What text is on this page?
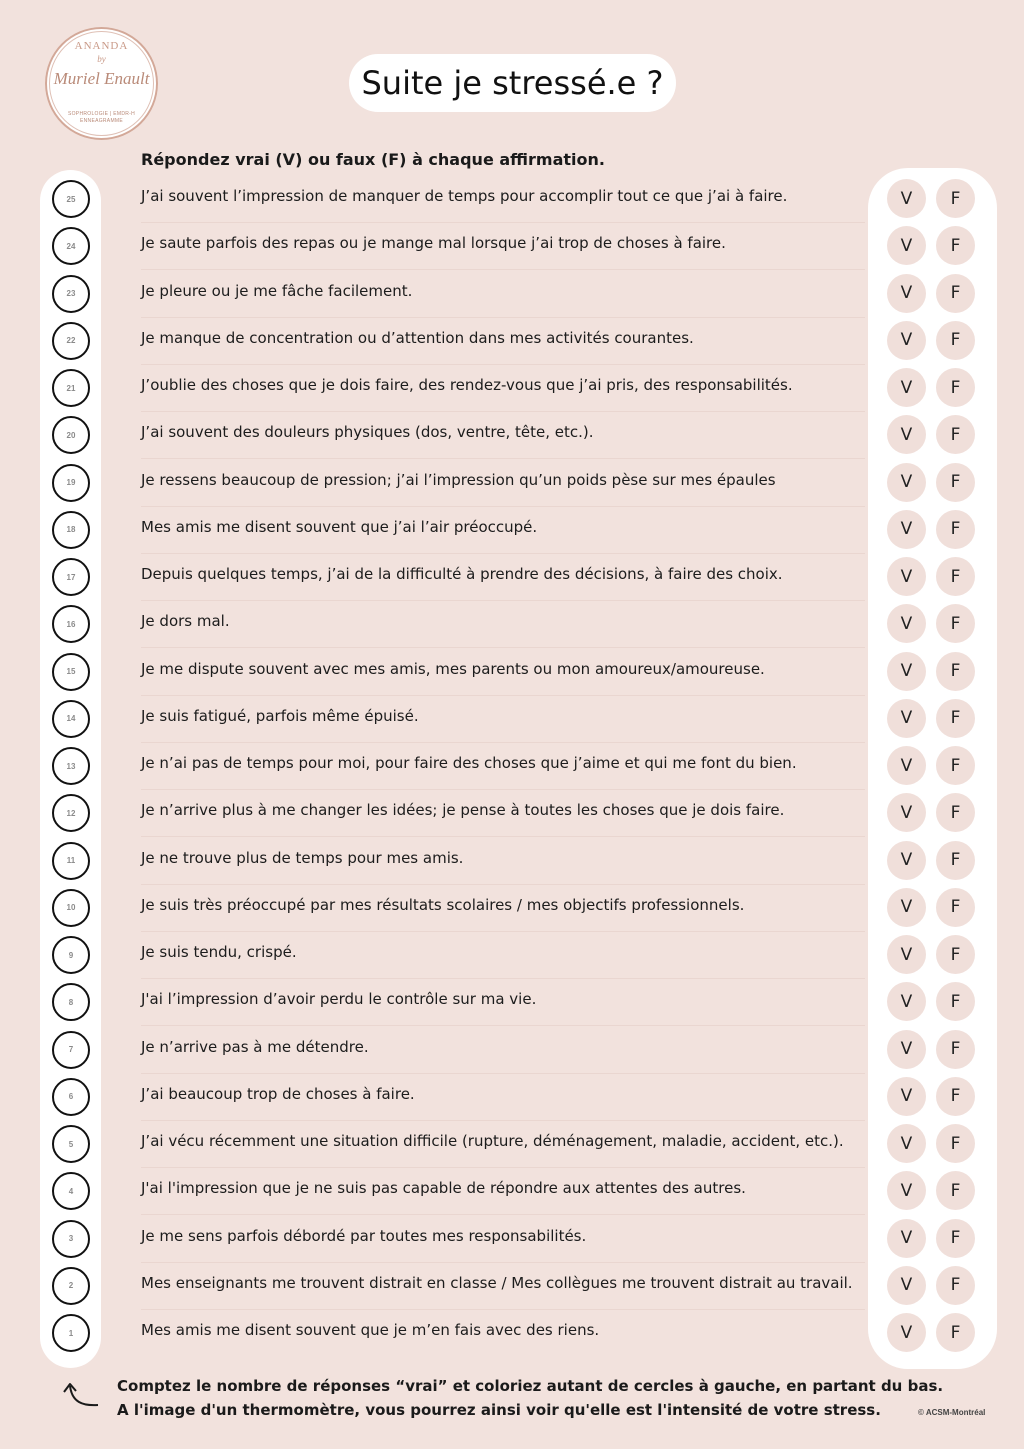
ANANDA
by
Muriel Enault
SOPHROLOGIE | EMDR-H
ENNEAGRAMME
Suite je stressé.e ?
Répondez vrai (V) ou faux (F) à chaque affirmation.
25	J’ai souvent l’impression de manquer de temps pour accomplir tout ce que j’ai à faire.	V	F
24	Je saute parfois des repas ou je mange mal lorsque j’ai trop de choses à faire.	V	F
23	Je pleure ou je me fâche facilement.	V	F
22	Je manque de concentration ou d’attention dans mes activités courantes.	V	F
21	J’oublie des choses que je dois faire, des rendez-vous que j’ai pris, des responsabilités.	V	F
20	J’ai souvent des douleurs physiques (dos, ventre, tête, etc.).	V	F
19	Je ressens beaucoup de pression; j’ai l’impression qu’un poids pèse sur mes épaules	V	F
18	Mes amis me disent souvent que j’ai l’air préoccupé.	V	F
17	Depuis quelques temps, j’ai de la difficulté à prendre des décisions, à faire des choix.	V	F
16	Je dors mal.	V	F
15	Je me dispute souvent avec mes amis, mes parents ou mon amoureux/amoureuse.	V	F
14	Je suis fatigué, parfois même épuisé.	V	F
13	Je n’ai pas de temps pour moi, pour faire des choses que j’aime et qui me font du bien.	V	F
12	Je n’arrive plus à me changer les idées; je pense à toutes les choses que je dois faire.	V	F
11	Je ne trouve plus de temps pour mes amis.	V	F
10	Je suis très préoccupé par mes résultats scolaires / mes objectifs professionnels.	V	F
9	Je suis tendu, crispé.	V	F
8	J'ai l’impression d’avoir perdu le contrôle sur ma vie.	V	F
7	Je n’arrive pas à me détendre.	V	F
6	J’ai beaucoup trop de choses à faire.	V	F
5	J’ai vécu récemment une situation difficile (rupture, déménagement, maladie, accident, etc.).	V	F
4	J'ai l'impression que je ne suis pas capable de répondre aux attentes des autres.	V	F
3	Je me sens parfois débordé par toutes mes responsabilités.	V	F
2	Mes enseignants me trouvent distrait en classe / Mes collègues me trouvent distrait au travail.	V	F
1	Mes amis me disent souvent que je m’en fais avec des riens.	V	F
Comptez le nombre de réponses “vrai” et coloriez autant de cercles à gauche, en partant du bas.
A l'image d'un thermomètre, vous pourrez ainsi voir qu'elle est l'intensité de votre stress.	© ACSM-Montréal
